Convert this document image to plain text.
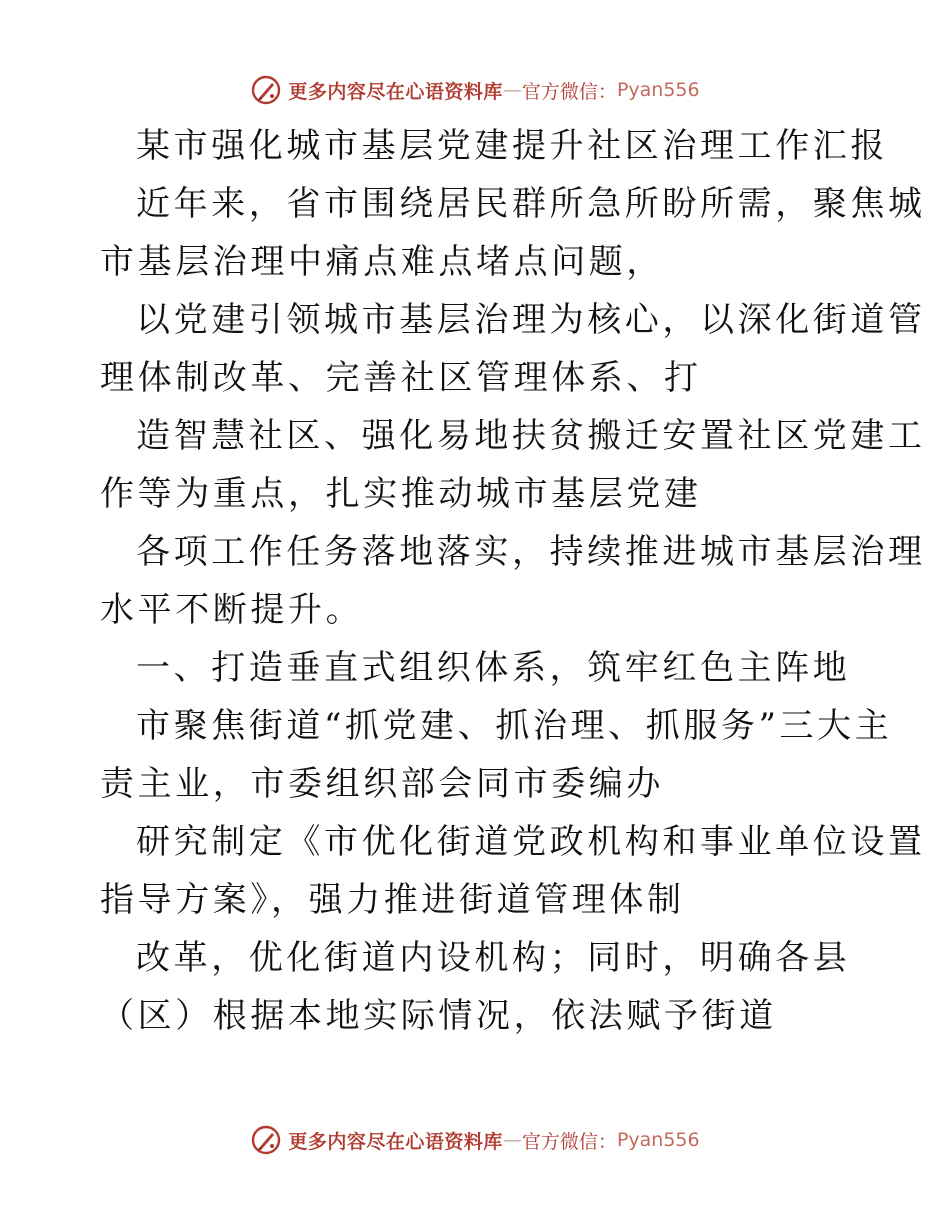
更多内容尽在心语资料库 — 官方微信： Pyan556
某市强化城市基层党建提升社区治理工作汇报
近年来，省市围绕居民群所急所盼所需，聚焦城
市基层治理中痛点难点堵点问题，
以党建引领城市基层治理为核心，以深化街道管
理体制改革、完善社区管理体系、打
造智慧社区、强化易地扶贫搬迁安置社区党建工
作等为重点，扎实推动城市基层党建
各项工作任务落地落实，持续推进城市基层治理
水平不断提升。
一、打造垂直式组织体系，筑牢红色主阵地
市聚焦街道“抓党建、抓治理、抓服务”三大主
责主业，市委组织部会同市委编办
研究制定《市优化街道党政机构和事业单位设置
指导方案》，强力推进街道管理体制
改革，优化街道内设机构；同时，明确各县
（区）根据本地实际情况，依法赋予街道
更多内容尽在心语资料库 — 官方微信： Pyan556
